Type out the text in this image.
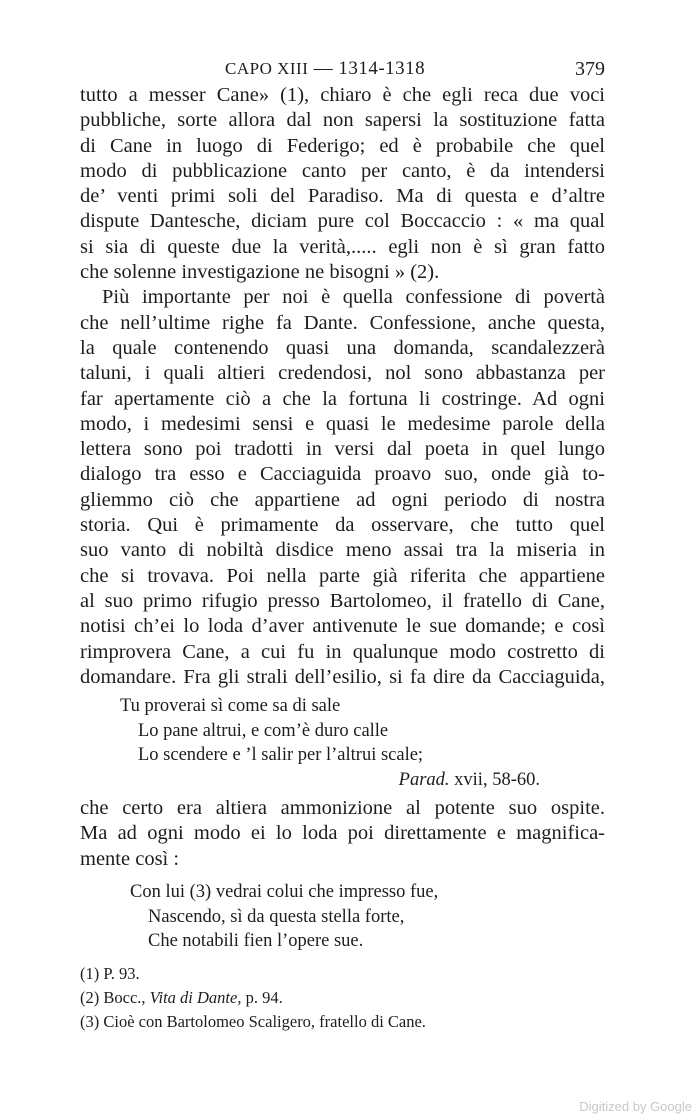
CAPO XIII — 1314-1318	379

tutto a messer Cane» (1), chiaro è che egli reca due voci

pubbliche, sorte allora dal non sapersi la sostituzione fatta

di Cane in luogo di Federigo; ed è probabile che quel

modo di pubblicazione canto per canto, è da intendersi

de’ venti primi soli del Paradiso. Ma di questa e d’altre

dispute Dantesche, diciam pure col Boccaccio : « ma qual

si sia di queste due la verità,..... egli non è sì gran fatto

che solenne investigazione ne bisogni » (2).

Più importante per noi è quella confessione di povertà

che nell’ultime righe fa Dante. Confessione, anche questa,

la quale contenendo quasi una domanda, scandalezzerà

taluni, i quali altieri credendosi, nol sono abbastanza per

far apertamente ciò a che la fortuna li costringe. Ad ogni

modo, i medesimi sensi e quasi le medesime parole della

lettera sono poi tradotti in versi dal poeta in quel lungo

dialogo tra esso e Cacciaguida proavo suo, onde già to-

gliemmo ciò che appartiene ad ogni periodo di nostra

storia. Qui è primamente da osservare, che tutto quel

suo vanto di nobiltà disdice meno assai tra la miseria in

che si trovava. Poi nella parte già riferita che appartiene

al suo primo rifugio presso Bartolomeo, il fratello di Cane,

notisi ch’ei lo loda d’aver antivenute le sue domande; e così

rimprovera Cane, a cui fu in qualunque modo costretto di

domandare. Fra gli strali dell’esilio, si fa dire da Cacciaguida,

Tu proverai sì come sa di sale
Lo pane altrui, e com’è duro calle
Lo scendere e ’l salir per l’altrui scale;
Parad. xvii, 58-60.

che certo era altiera ammonizione al potente suo ospite.

Ma ad ogni modo ei lo loda poi direttamente e magnifica-

mente così :

Con lui (3) vedrai colui che impresso fue,
Nascendo, sì da questa stella forte,
Che notabili fien l’opere sue.
(1) P. 93.
(2) Bocc., Vita di Dante, p. 94.
(3) Cioè con Bartolomeo Scaligero, fratello di Cane.
Digitized by Google
